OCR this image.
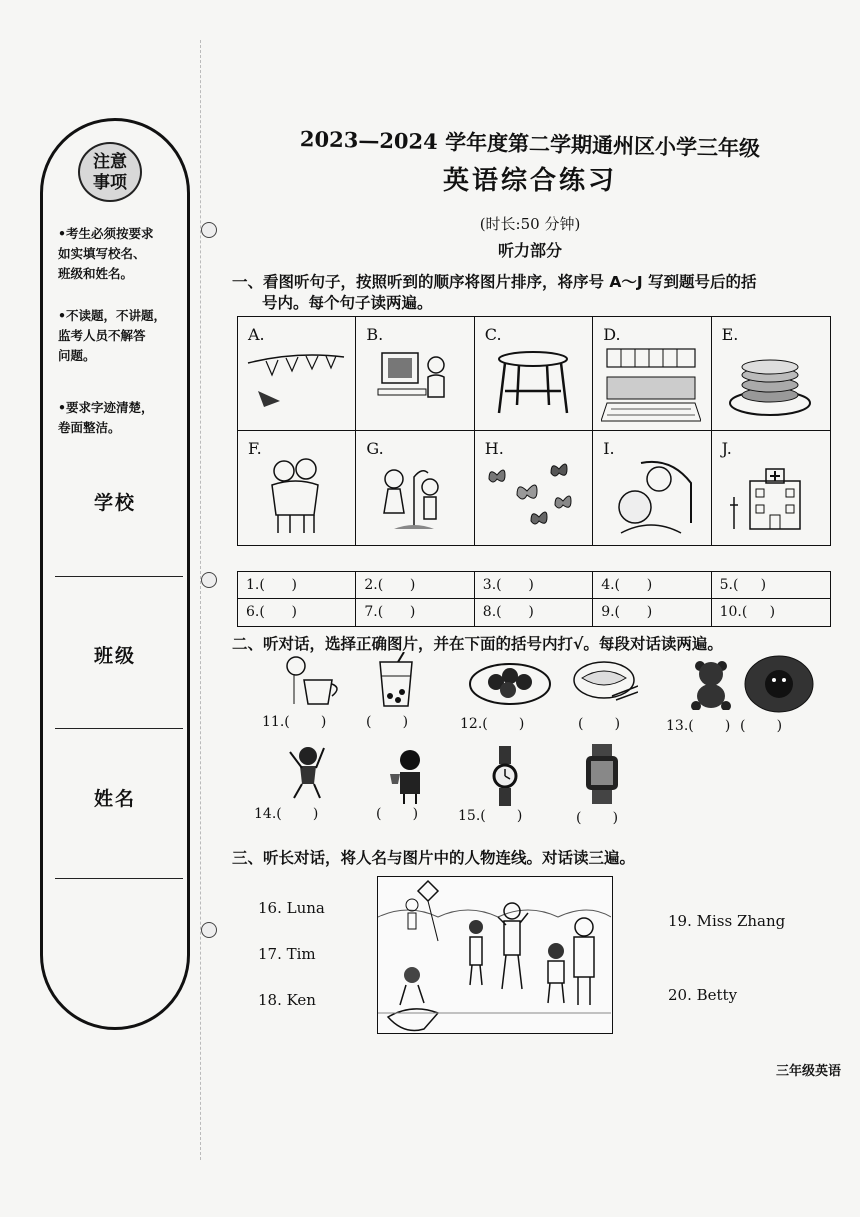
注意
事项
•考生必须按要求
如实填写校名、
班级和姓名。
•不读题，不讲题，
监考人员不解答
问题。
•要求字迹清楚，
卷面整洁。
学校
班级
姓名
2023—2024 学年度第二学期通州区小学三年级
英语综合练习
(时长:50 分钟)
听力部分
一、看图听句子，按照听到的顺序将图片排序，将序号 A～J 写到题号后的括
号内。每个句子读两遍。
A.	B.	C.	D.	E.
F.	G.	H.	I.	J.
1.(      )	2.(      )	3.(      )	4.(      )	5.(     )
6.(      )	7.(      )	8.(      )	9.(      )	10.(     )
二、听对话，选择正确图片，并在下面的括号内打√。每段对话读两遍。
11.(       )	(       )	12.(       )	(       )	13.(       ) (       )
14.(       )	(       )	15.(       )	(       )
三、听长对话，将人名与图片中的人物连线。对话读三遍。
16. Luna
17. Tim
18. Ken
19. Miss Zhang
20. Betty
三年级英语
